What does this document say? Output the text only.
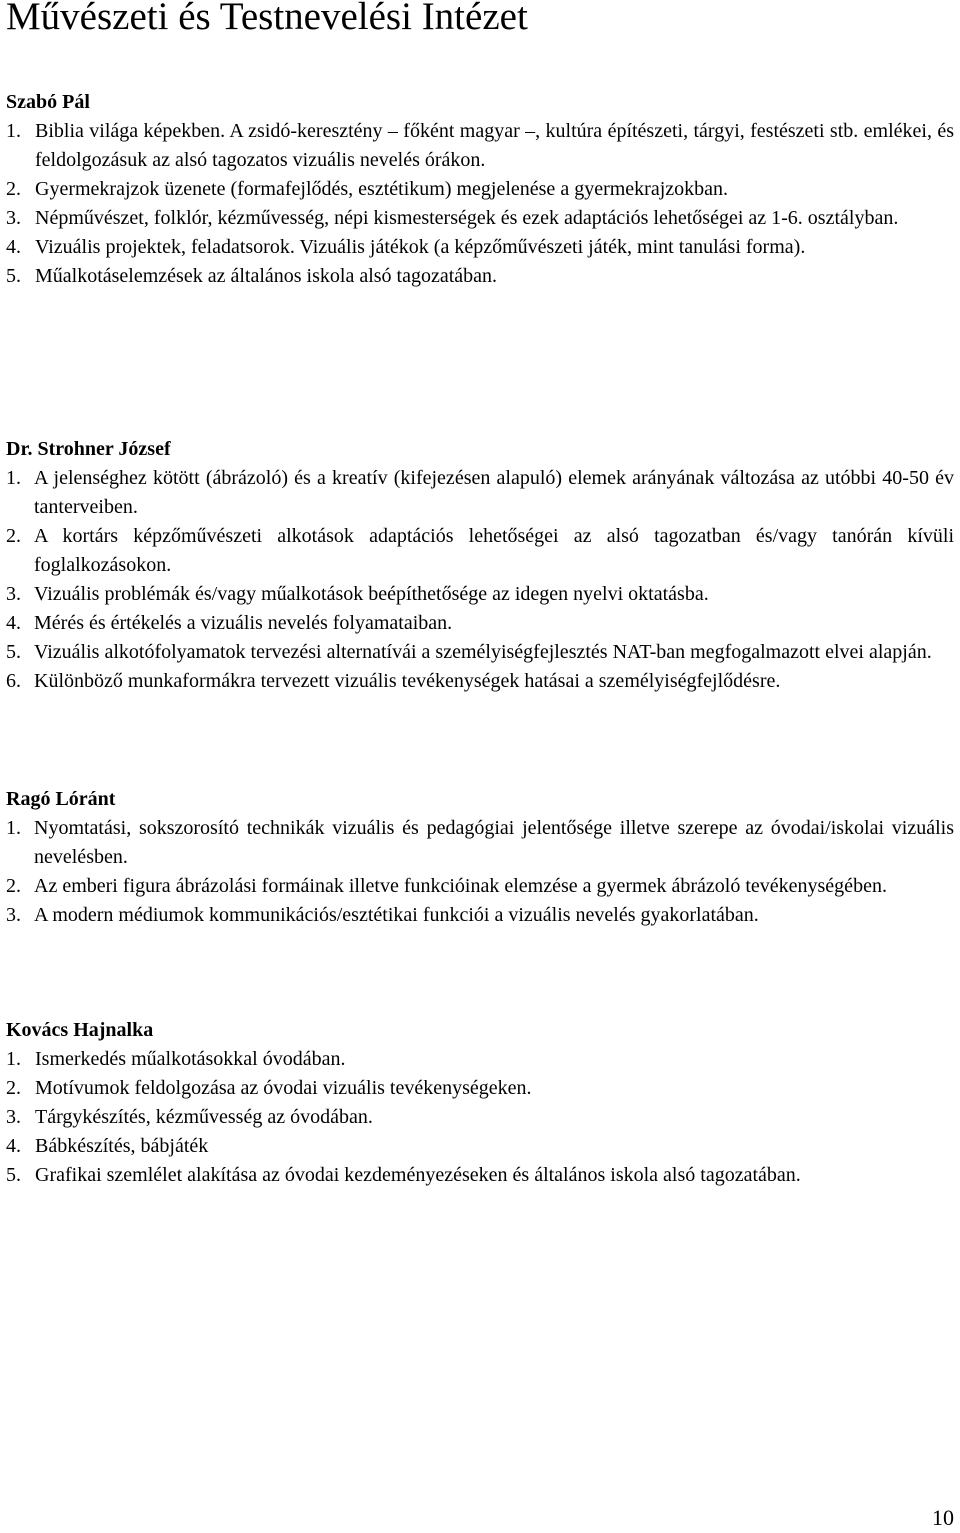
Művészeti és Testnevelési Intézet
Szabó Pál
1. Biblia világa képekben. A zsidó-keresztény – főként magyar –, kultúra építészeti, tárgyi, festészeti stb. emlékei, és feldolgozásuk az alsó tagozatos vizuális nevelés órákon.
2. Gyermekrajzok üzenete (formafejlődés, esztétikum) megjelenése a gyermekrajzokban.
3. Népművészet, folklór, kézművesség, népi kismesterségek és ezek adaptációs lehetőségei az 1-6. osztályban.
4. Vizuális projektek, feladatsorok. Vizuális játékok (a képzőművészeti játék, mint tanulási forma).
5. Műalkotáselemzések az általános iskola alsó tagozatában.
Dr. Strohner József
1. A jelenséghez kötött (ábrázoló) és a kreatív (kifejezésen alapuló) elemek arányának változása az utóbbi 40-50 év tanterveiben.
2. A kortárs képzőművészeti alkotások adaptációs lehetőségei az alsó tagozatban és/vagy tanórán kívüli foglalkozásokon.
3. Vizuális problémák és/vagy műalkotások beépíthetősége az idegen nyelvi oktatásba.
4. Mérés és értékelés a vizuális nevelés folyamataiban.
5. Vizuális alkotófolyamatok tervezési alternatívái a személyiségfejlesztés NAT-ban megfogalmazott elvei alapján.
6. Különböző munkaformákra tervezett vizuális tevékenységek hatásai a személyiségfejlődésre.
Ragó Lóránt
1. Nyomtatási, sokszorosító technikák vizuális és pedagógiai jelentősége illetve szerepe az óvodai/iskolai vizuális nevelésben.
2. Az emberi figura ábrázolási formáinak illetve funkcióinak elemzése a gyermek ábrázoló tevékenységében.
3. A modern médiumok kommunikációs/esztétikai funkciói a vizuális nevelés gyakorlatában.
Kovács Hajnalka
1. Ismerkedés műalkotásokkal óvodában.
2. Motívumok feldolgozása az óvodai vizuális tevékenységeken.
3. Tárgykészítés, kézművesség az óvodában.
4. Bábkészítés, bábjáték
5. Grafikai szemlélet alakítása az óvodai kezdeményezéseken és általános iskola alsó tagozatában.
10
